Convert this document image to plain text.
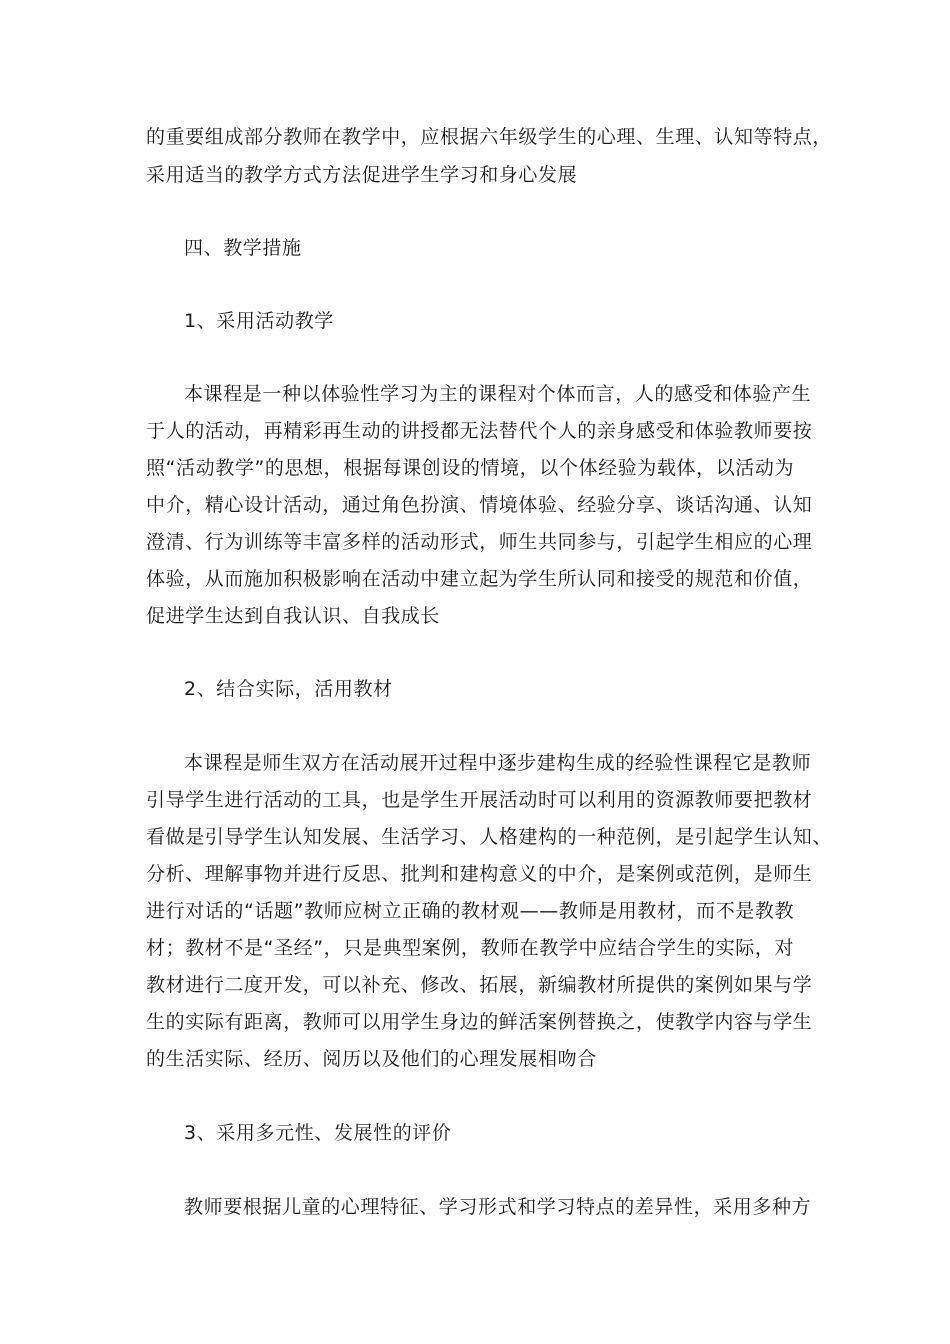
的重要组成部分教师在教学中，应根据六年级学生的心理、生理、认知等特点，
采用适当的教学方式方法促进学生学习和身心发展
四、教学措施
1、采用活动教学
本课程是一种以体验性学习为主的课程对个体而言，人的感受和体验产生
于人的活动，再精彩再生动的讲授都无法替代个人的亲身感受和体验教师要按
照“活动教学”的思想，根据每课创设的情境，以个体经验为载体，以活动为
中介，精心设计活动，通过角色扮演、情境体验、经验分享、谈话沟通、认知
澄清、行为训练等丰富多样的活动形式，师生共同参与，引起学生相应的心理
体验，从而施加积极影响在活动中建立起为学生所认同和接受的规范和价值，
促进学生达到自我认识、自我成长
2、结合实际，活用教材
本课程是师生双方在活动展开过程中逐步建构生成的经验性课程它是教师
引导学生进行活动的工具，也是学生开展活动时可以利用的资源教师要把教材
看做是引导学生认知发展、生活学习、人格建构的一种范例，是引起学生认知、
分析、理解事物并进行反思、批判和建构意义的中介，是案例或范例，是师生
进行对话的“话题”教师应树立正确的教材观——教师是用教材，而不是教教
材；教材不是“圣经”，只是典型案例，教师在教学中应结合学生的实际，对
教材进行二度开发，可以补充、修改、拓展，新编教材所提供的案例如果与学
生的实际有距离，教师可以用学生身边的鲜活案例替换之，使教学内容与学生
的生活实际、经历、阅历以及他们的心理发展相吻合
3、采用多元性、发展性的评价
教师要根据儿童的心理特征、学习形式和学习特点的差异性，采用多种方
